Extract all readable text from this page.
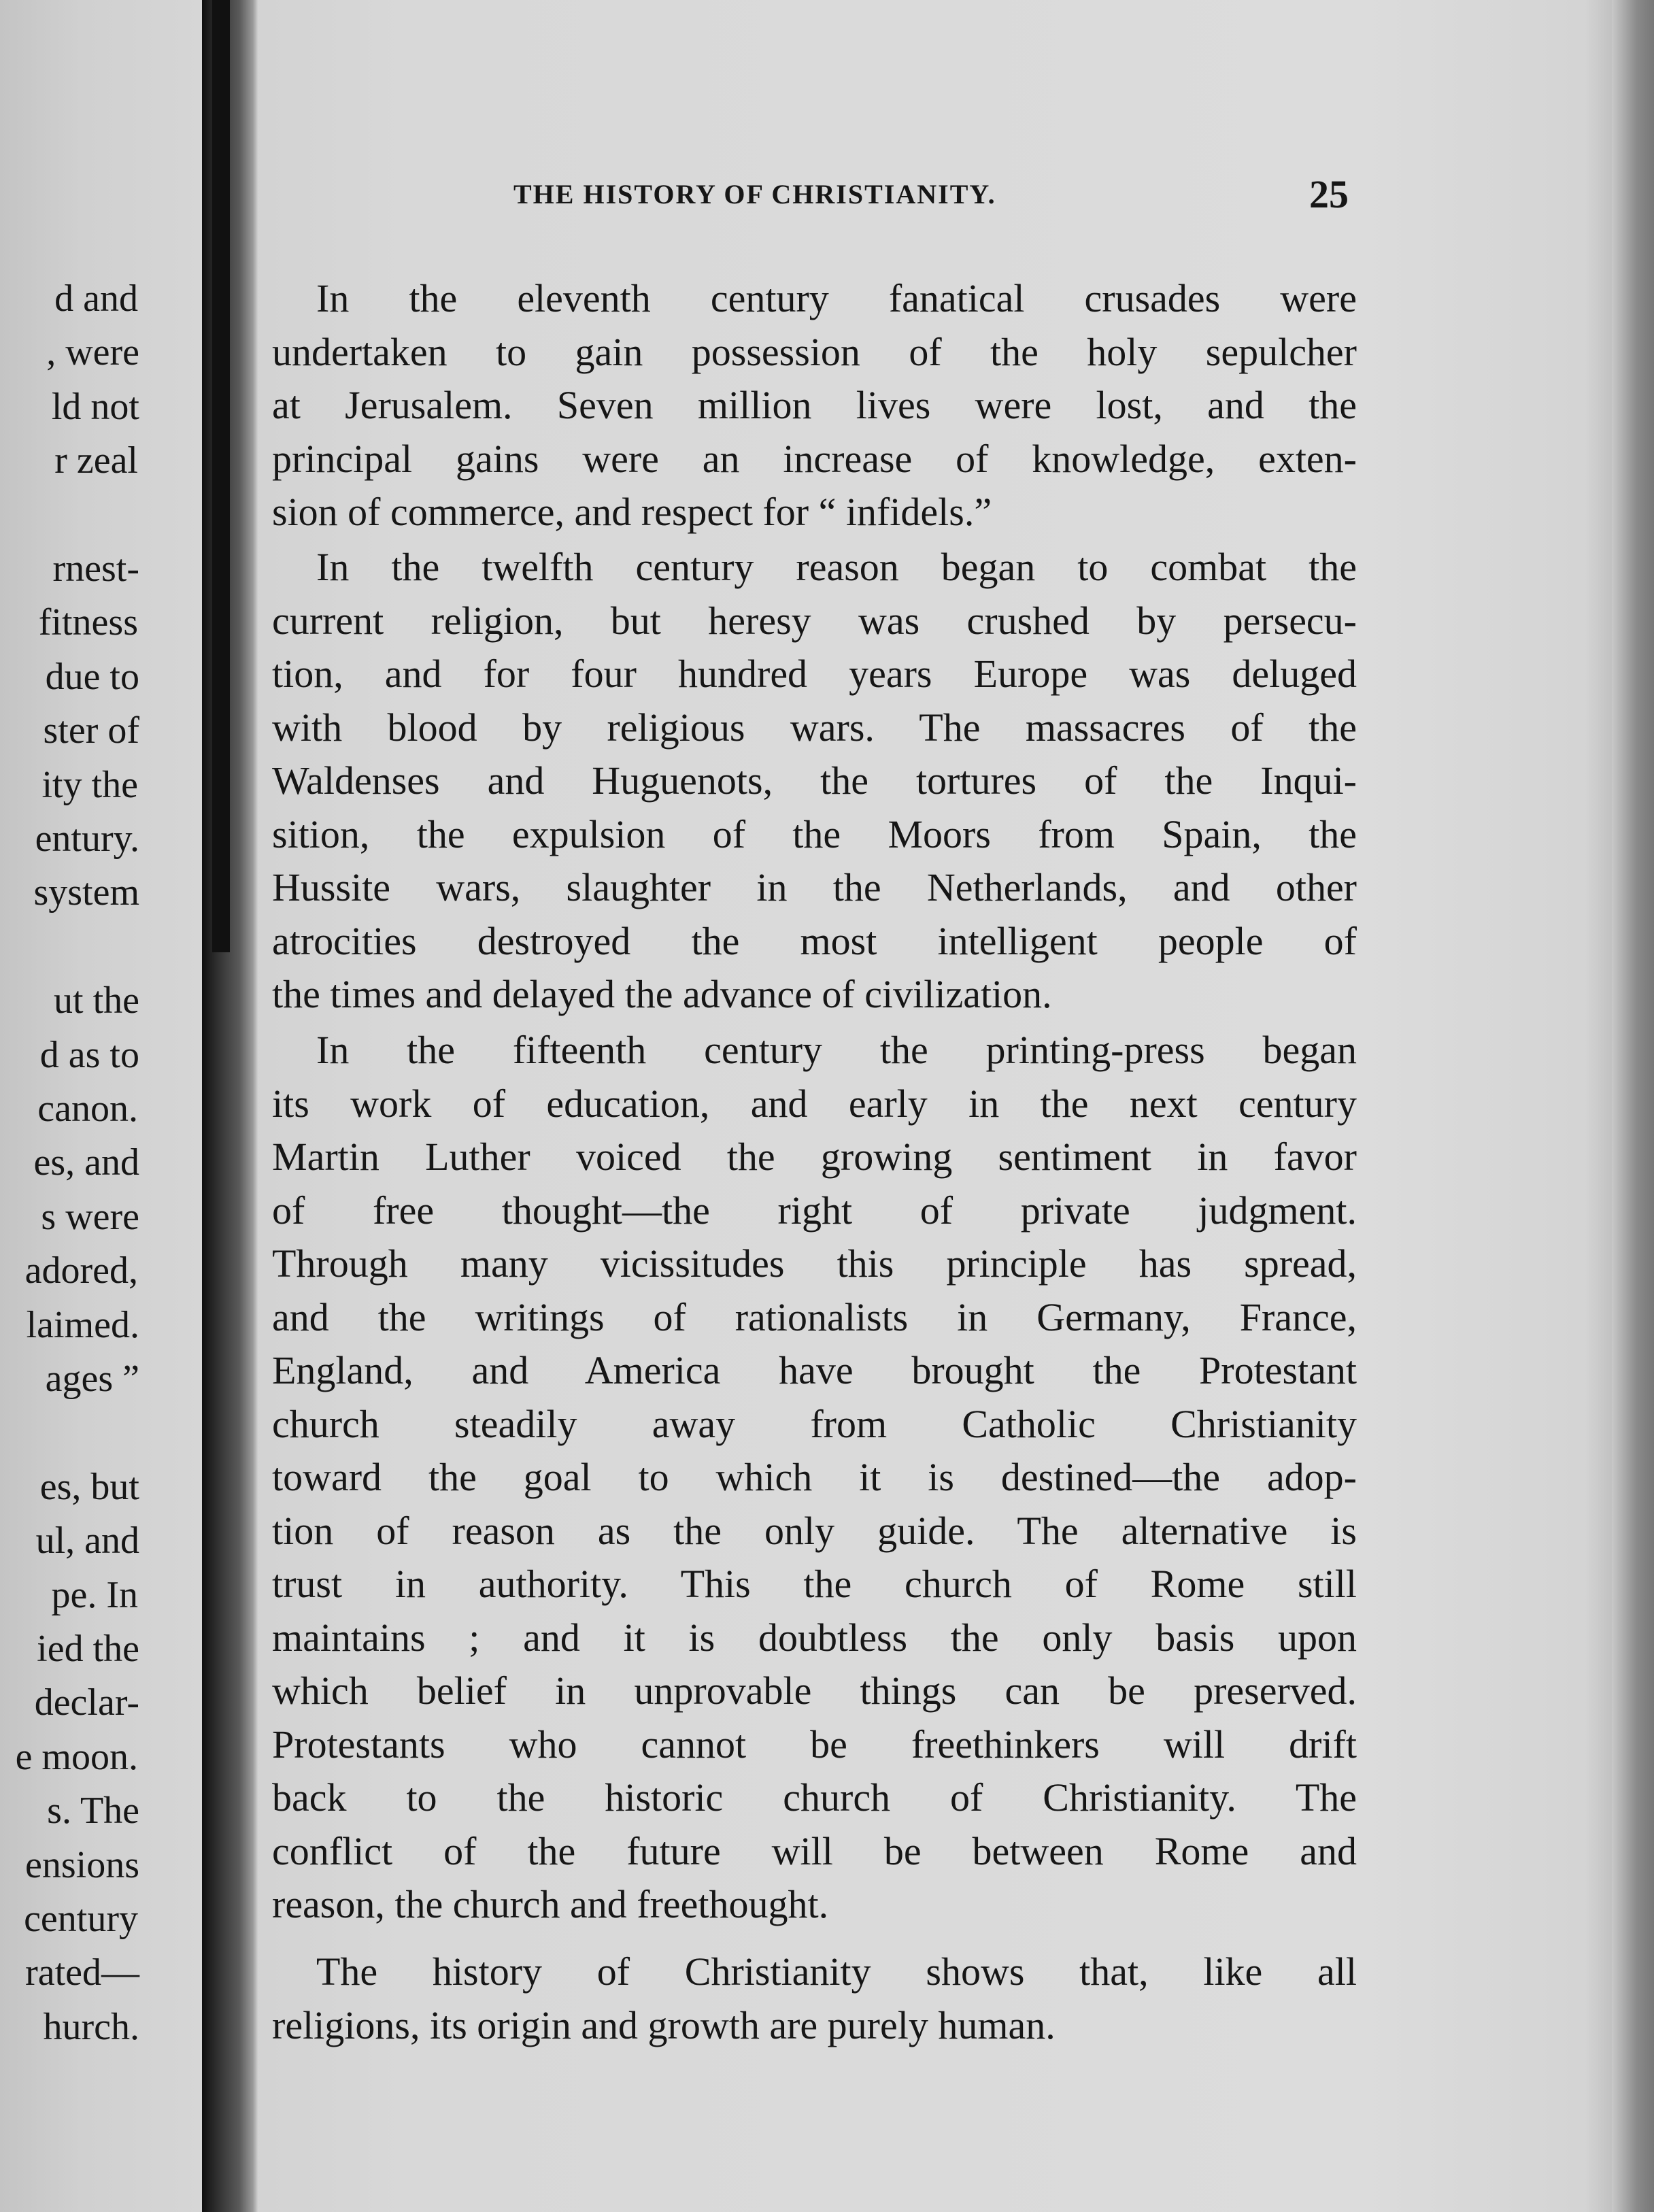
d and
, were
ld not
r zeal
rnest-
fitness
due to
ster of
ity the
entury.
system
ut the
d as to
canon.
es, and
s were
adored,
laimed.
ages ”
es, but
ul, and
pe. In
ied the
declar-
e moon.
s. The
ensions
century
rated—
hurch.
THE HISTORY OF CHRISTIANITY.	25
In the eleventh century fanatical crusades were
undertaken to gain possession of the holy sepulcher
at Jerusalem. Seven million lives were lost, and the
principal gains were an increase of knowledge, exten-
sion of commerce, and respect for “ infidels.”
In the twelfth century reason began to combat the
current religion, but heresy was crushed by persecu-
tion, and for four hundred years Europe was deluged
with blood by religious wars. The massacres of the
Waldenses and Huguenots, the tortures of the Inqui-
sition, the expulsion of the Moors from Spain, the
Hussite wars, slaughter in the Netherlands, and other
atrocities destroyed the most intelligent people of
the times and delayed the advance of civilization.
In the fifteenth century the printing-press began
its work of education, and early in the next century
Martin Luther voiced the growing sentiment in favor
of free thought—the right of private judgment.
Through many vicissitudes this principle has spread,
and the writings of rationalists in Germany, France,
England, and America have brought the Protestant
church steadily away from Catholic Christianity
toward the goal to which it is destined—the adop-
tion of reason as the only guide. The alternative is
trust in authority. This the church of Rome still
maintains ; and it is doubtless the only basis upon
which belief in unprovable things can be preserved.
Protestants who cannot be freethinkers will drift
back to the historic church of Christianity. The
conflict of the future will be between Rome and
reason, the church and freethought.
The history of Christianity shows that, like all
religions, its origin and growth are purely human.
